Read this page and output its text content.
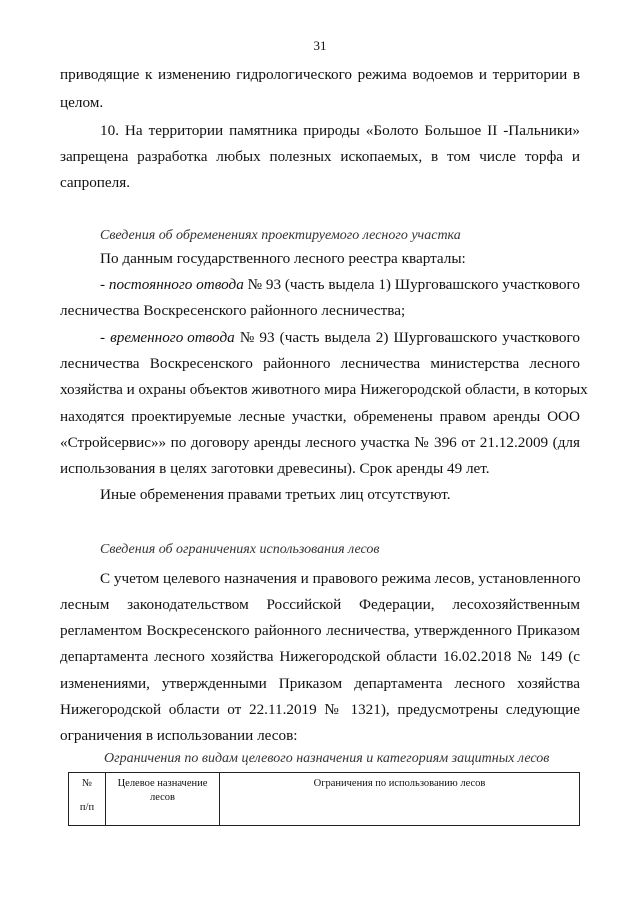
31
приводящие к изменению гидрологического режима водоемов и территории в
целом.
10. На территории памятника природы «Болото Большое II -Пальники»
запрещена разработка любых полезных ископаемых, в том числе торфа и
сапропеля.
Сведения об обременениях проектируемого лесного участка
По данным государственного лесного реестра кварталы:
- постоянного отвода № 93 (часть выдела 1) Шурговашского участкового
лесничества Воскресенского районного лесничества;
- временного отвода № 93 (часть выдела 2) Шурговашского участкового
лесничества Воскресенского районного лесничества министерства лесного
хозяйства и охраны объектов животного мира Нижегородской области, в которых
находятся проектируемые лесные участки, обременены правом аренды ООО
«Стройсервис»» по договору аренды лесного участка № 396 от 21.12.2009 (для
использования в целях заготовки древесины). Срок аренды 49 лет.
Иные обременения правами третьих лиц отсутствуют.
Сведения об ограничениях использования лесов
С учетом целевого назначения и правового режима лесов, установленного
лесным законодательством Российской Федерации, лесохозяйственным
регламентом Воскресенского районного лесничества, утвержденного Приказом
департамента лесного хозяйства Нижегородской области 16.02.2018 № 149 (с
изменениями, утвержденными Приказом департамента лесного хозяйства
Нижегородской области от 22.11.2019 № 1321), предусмотрены следующие
ограничения в использовании лесов:
Ограничения по видам целевого назначения и категориям защитных лесов
№
п/п
Целевое назначение
лесов
Ограничения по использованию лесов
